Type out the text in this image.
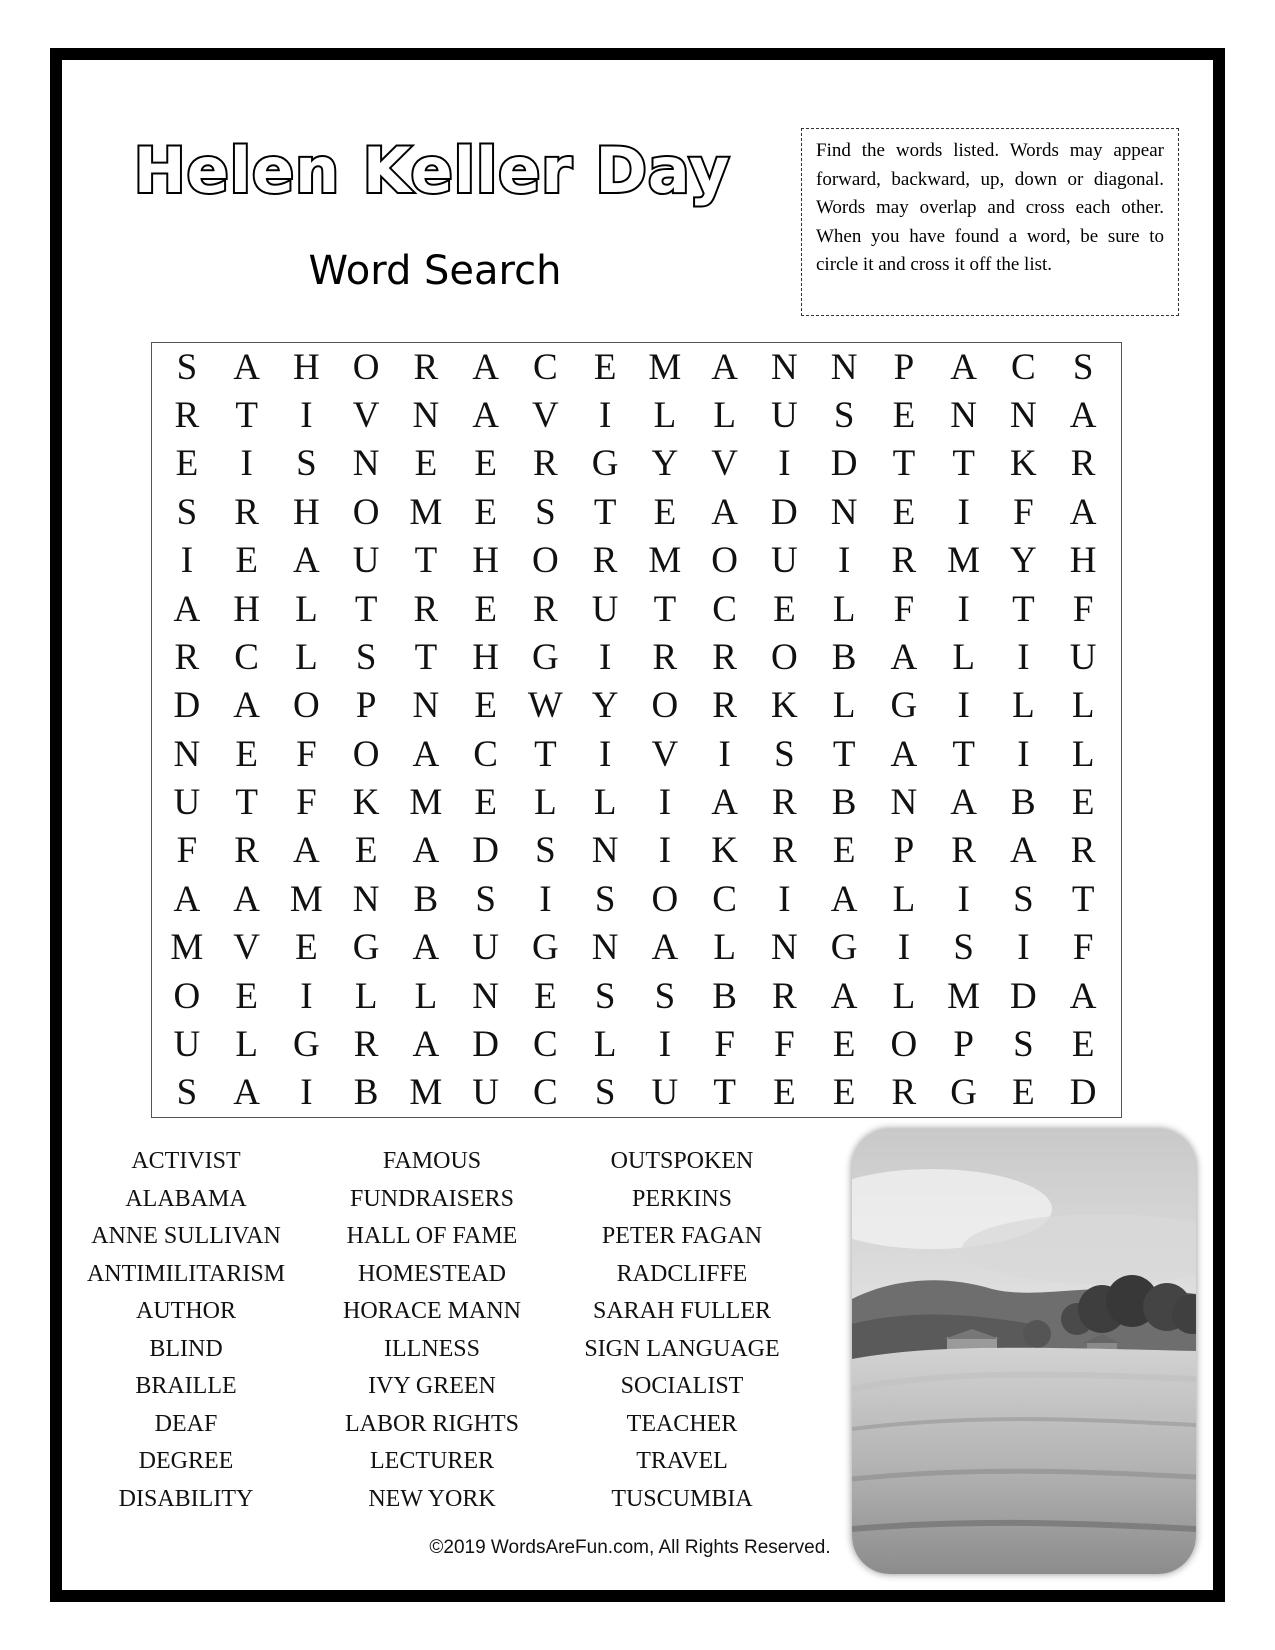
Helen Keller Day
Word Search
Find the words listed. Words may appear forward, backward, up, down or diagonal. Words may overlap and cross each other. When you have found a word, be sure to circle it and cross it off the list.
S A H O R A C E M A N N P A C	S
R T	I	V N A V	I	L	L U S	E N N A
E	I	S N E	E R G Y V	I	D T	T K R
S	R H O M E	S	T	E A D N E	I	F A
I	E A U T H O R M O U	I	R M Y H
A H L	T R E R U T C E	L	F	I	T	F
R C L	S	T H G	I	R R O B A L	I	U
D A O P N E W Y O R K L G	I	L	L
N E	F O A C T	I	V	I	S	T A T	I	L
U T	F K M E	L	L	I	A R B N A B E
F	R A E A D S N	I	K R E	P	R A R
A A M N B	S	I	S O C	I	A L	I	S	T
M V E G A U G N A L N G	I	S	I	F
O E	I	L	L N E	S	S	B R A L M D A
U L G R A D C L	I	F	F	E O P	S	E
S A	I	B M U C	S U T	E	E R G E D
ACTIVIST
ALABAMA
ANNE SULLIVAN
ANTIMILITARISM
AUTHOR
BLIND
BRAILLE
DEAF
DEGREE
DISABILITY
FAMOUS
FUNDRAISERS
HALL OF FAME
HOMESTEAD
HORACE MANN
ILLNESS
IVY GREEN
LABOR RIGHTS
LECTURER
NEW YORK
OUTSPOKEN
PERKINS
PETER FAGAN
RADCLIFFE
SARAH FULLER
SIGN LANGUAGE
SOCIALIST
TEACHER
TRAVEL
TUSCUMBIA
©2019 WordsAreFun.com, All Rights Reserved.
